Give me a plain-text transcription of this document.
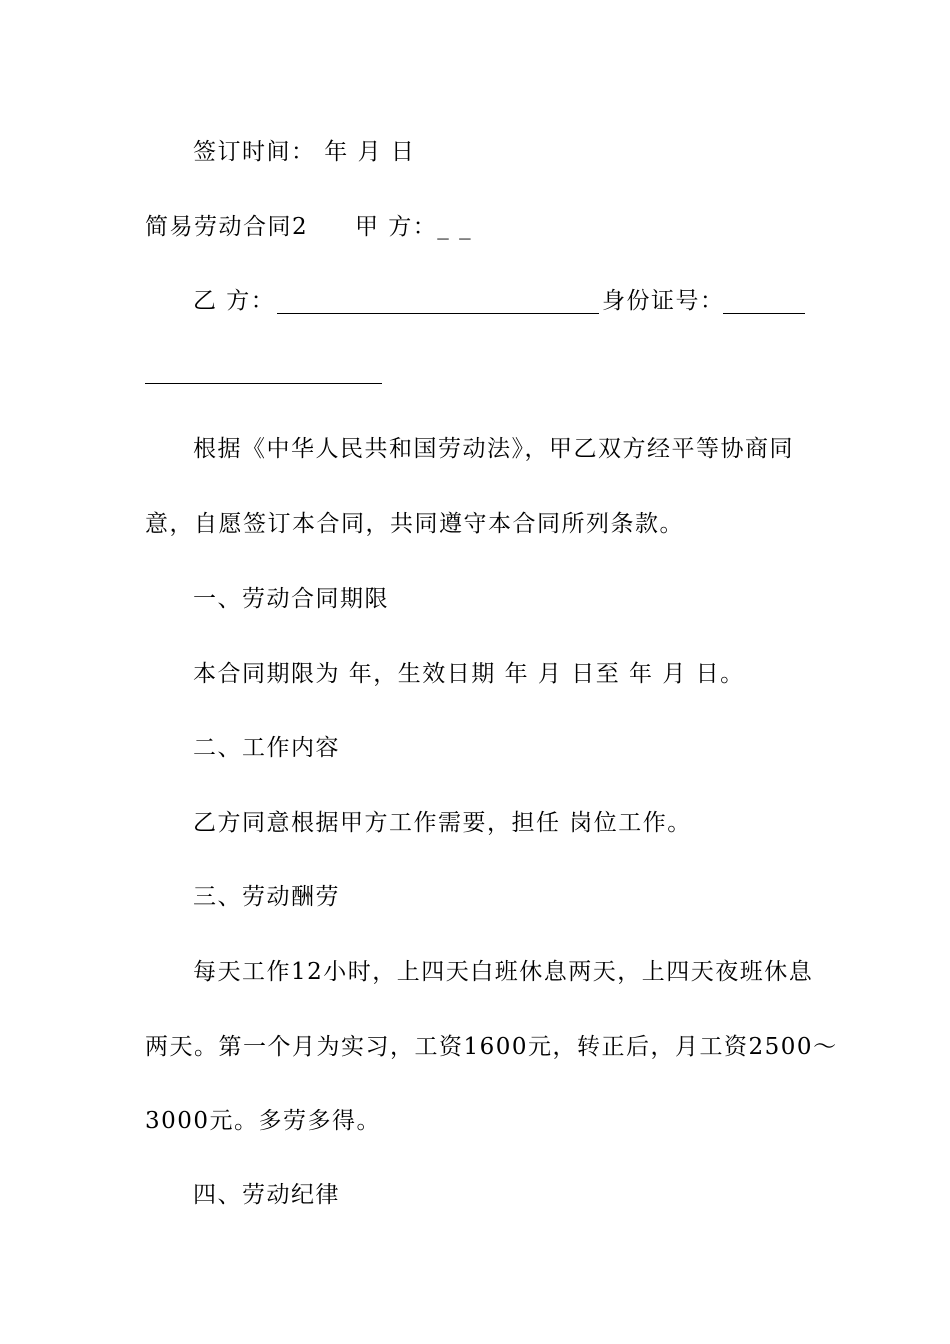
签订时间： 年 月 日
简易劳动合同2 甲 方：_ _
乙 方：	身份证号：
根据《中华人民共和国劳动法》，甲乙双方经平等协商同
意，自愿签订本合同，共同遵守本合同所列条款。
一、劳动合同期限
本合同期限为 年，生效日期 年 月 日至 年 月 日。
二、工作内容
乙方同意根据甲方工作需要，担任 岗位工作。
三、劳动酬劳
每天工作12小时，上四天白班休息两天，上四天夜班休息
两天。第一个月为实习，工资1600元，转正后，月工资2500～
3000元。多劳多得。
四、劳动纪律
